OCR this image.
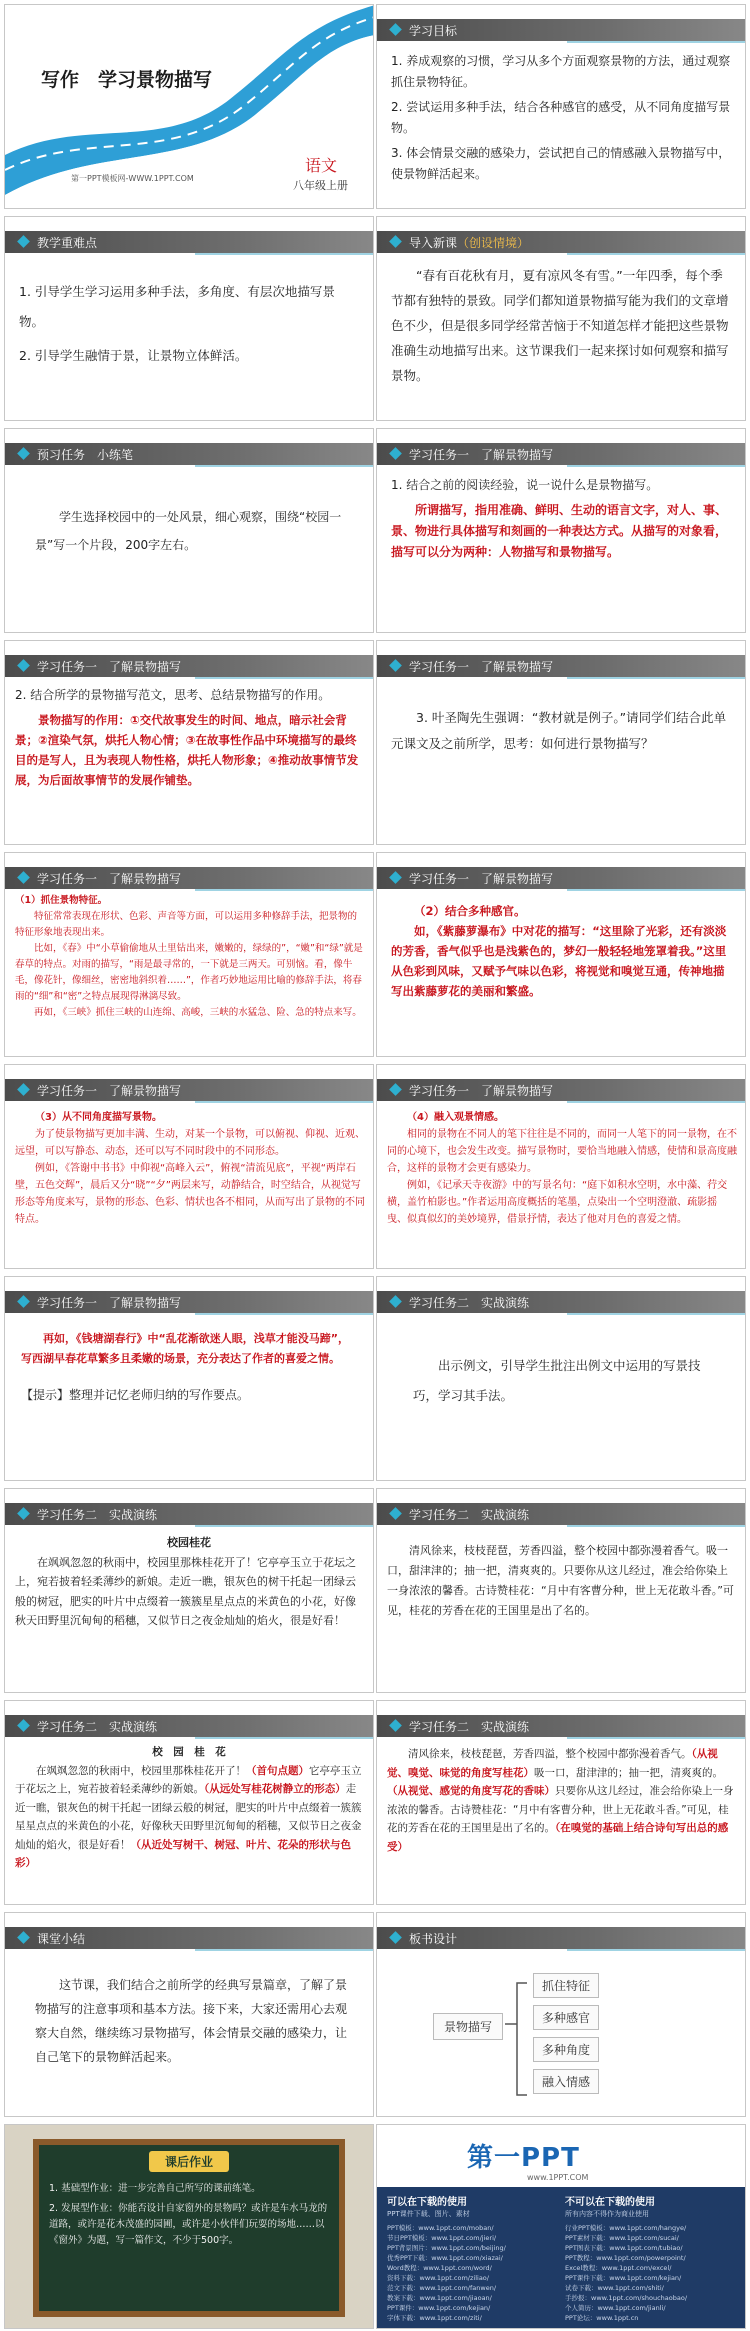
写作　学习景物描写
第一PPT模板网-WWW.1PPT.COM
语文
八年级上册
学习目标

1. 养成观察的习惯，学习从多个方面观察景物的方法，通过观察抓住景物特征。

2. 尝试运用多种手法，结合各种感官的感受，从不同角度描写景物。

3. 体会情景交融的感染力，尝试把自己的情感融入景物描写中，使景物鲜活起来。

教学重难点

1. 引导学生学习运用多种手法，多角度、有层次地描写景物。

2. 引导学生融情于景，让景物立体鲜活。

导入新课（创设情境）
“春有百花秋有月，夏有凉风冬有雪。”一年四季，每个季节都有独特的景致。同学们都知道景物描写能为我们的文章增色不少，但是很多同学经常苦恼于不知道怎样才能把这些景物准确生动地描写出来。这节课我们一起来探讨如何观察和描写景物。
预习任务　小练笔
学生选择校园中的一处风景，细心观察，围绕“校园一景”写一个片段，200字左右。
学习任务一　了解景物描写

1. 结合之前的阅读经验，说一说什么是景物描写。

所谓描写，指用准确、鲜明、生动的语言文字，对人、事、景、物进行具体描写和刻画的一种表达方式。从描写的对象看，描写可以分为两种：人物描写和景物描写。

学习任务一　了解景物描写

2. 结合所学的景物描写范文，思考、总结景物描写的作用。

景物描写的作用：①交代故事发生的时间、地点，暗示社会背景；②渲染气氛，烘托人物心情；③在故事性作品中环境描写的最终目的是写人，且为表现人物性格，烘托人物形象；④推动故事情节发展，为后面故事情节的发展作铺垫。

学习任务一　了解景物描写
3. 叶圣陶先生强调：“教材就是例子。”请同学们结合此单元课文及之前所学，思考：如何进行景物描写？
学习任务一　了解景物描写
（1）抓住景物特征。
特征常常表现在形状、色彩、声音等方面，可以运用多种修辞手法，把景物的特征形象地表现出来。
比如，《春》中“小草偷偷地从土里钻出来，嫩嫩的，绿绿的”，“嫩”和“绿”就是春草的特点。对雨的描写，“雨是最寻常的，一下就是三两天。可别恼。看，像牛毛，像花针，像细丝，密密地斜织着……”，作者巧妙地运用比喻的修辞手法，将春雨的“细”和“密”之特点展现得淋漓尽致。
再如，《三峡》抓住三峡的山连绵、高峻，三峡的水猛急、险、急的特点来写。
学习任务一　了解景物描写
（2）结合多种感官。
如，《紫藤萝瀑布》中对花的描写：“这里除了光彩，还有淡淡的芳香，香气似乎也是浅紫色的，梦幻一般轻轻地笼罩着我。”这里从色彩到风味，又赋予气味以色彩，将视觉和嗅觉互通，传神地描写出紫藤萝花的美丽和繁盛。
学习任务一　了解景物描写
（3）从不同角度描写景物。
为了使景物描写更加丰满、生动，对某一个景物，可以俯视、仰视、近观、远望，可以写静态、动态，还可以写不同时段中的不同形态。
例如，《答谢中书书》中仰视“高峰入云”，俯视“清流见底”，平视“两岸石壁，五色交辉”，晨后又分“晓”“夕”两层来写，动静结合，时空结合，从视觉写形态等角度来写，景物的形态、色彩、情状也各不相同，从而写出了景物的不同特点。
学习任务一　了解景物描写
（4）融入观景情感。
相同的景物在不同人的笔下往往是不同的，而同一人笔下的同一景物，在不同的心境下，也会发生改变。描写景物时，要恰当地融入情感，使情和景高度融合，这样的景物才会更有感染力。
例如，《记承天寺夜游》中的写景名句：“庭下如积水空明，水中藻、荇交横，盖竹柏影也。”作者运用高度概括的笔墨，点染出一个空明澄澈、疏影摇曳、似真似幻的美妙境界，借景抒情，表达了他对月色的喜爱之情。
学习任务一　了解景物描写
再如，《钱塘湖春行》中“乱花渐欲迷人眼，浅草才能没马蹄”，写西湖早春花草繁多且柔嫩的场景，充分表达了作者的喜爱之情。
【提示】整理并记忆老师归纳的写作要点。
学习任务二　实战演练
出示例文，引导学生批注出例文中运用的写景技巧，学习其手法。
学习任务二　实战演练
校园桂花
在飒飒忽忽的秋雨中，校园里那株桂花开了！它亭亭玉立于花坛之上，宛若披着轻柔薄纱的新娘。走近一瞧，银灰色的树干托起一团绿云般的树冠，肥实的叶片中点缀着一簇簇星星点点的米黄色的小花，好像秋天田野里沉甸甸的稻穗，又似节日之夜金灿灿的焰火，很是好看！
学习任务二　实战演练
清风徐来，枝枝琵琶，芳香四溢，整个校园中都弥漫着香气。吸一口，甜津津的；抽一把，清爽爽的。只要你从这儿经过，准会给你染上一身浓浓的馨香。古诗赞桂花：“月中有客曹分种，世上无花敢斗香。”可见，桂花的芳香在花的王国里是出了名的。
学习任务二　实战演练
校　园　桂　花
在飒飒忽忽的秋雨中，校园里那株桂花开了！（首句点题）它亭亭玉立于花坛之上，宛若披着轻柔薄纱的新娘。（从远处写桂花树静立的形态）走近一瞧，银灰色的树干托起一团绿云般的树冠，肥实的叶片中点缀着一簇簇星星点点的米黄色的小花，好像秋天田野里沉甸甸的稻穗，又似节日之夜金灿灿的焰火，很是好看！（从近处写树干、树冠、叶片、花朵的形状与色彩）
学习任务二　实战演练
清风徐来，枝枝琵琶，芳香四溢，整个校园中都弥漫着香气。（从视觉、嗅觉、味觉的角度写桂花）吸一口，甜津津的；抽一把，清爽爽的。（从视觉、感觉的角度写花的香味）只要你从这儿经过，准会给你染上一身浓浓的馨香。古诗赞桂花：“月中有客曹分种，世上无花敢斗香。”可见，桂花的芳香在花的王国里是出了名的。（在嗅觉的基础上结合诗句写出总的感受）
课堂小结
这节课，我们结合之前所学的经典写景篇章，了解了景物描写的注意事项和基本方法。接下来，大家还需用心去观察大自然，继续练习景物描写，体会情景交融的感染力，让自己笔下的景物鲜活起来。
板书设计
景物描写
抓住特征
多种感官
多种角度
融入情感
课后作业
1. 基础型作业：进一步完善自己所写的课前练笔。
2. 发展型作业：你能否设计自家窗外的景物吗？或许是车水马龙的道路，或许是花木茂盛的园圃，或许是小伙伴们玩耍的场地……以《窗外》为题，写一篇作文，不少于500字。
第一PPT
www.1PPT.COM
可以在下载的使用
PPT课件下载、图片、素材
不可以在下载的使用
所有内容不得作为商业使用
PPT模板：www.1ppt.com/moban/
节日PPT模板：www.1ppt.com/jieri/
PPT背景图片：www.1ppt.com/beijing/
优秀PPT下载：www.1ppt.com/xiazai/
Word教程：www.1ppt.com/word/
资料下载：www.1ppt.com/ziliao/
范文下载：www.1ppt.com/fanwen/
教案下载：www.1ppt.com/jiaoan/
PPT课件：www.1ppt.com/kejian/
字体下载：www.1ppt.com/ziti/
行业PPT模板：www.1ppt.com/hangye/
PPT素材下载：www.1ppt.com/sucai/
PPT图表下载：www.1ppt.com/tubiao/
PPT教程：www.1ppt.com/powerpoint/
Excel教程：www.1ppt.com/excel/
PPT课件下载：www.1ppt.com/kejian/
试卷下载：www.1ppt.com/shiti/
手抄报：www.1ppt.com/shouchaobao/
个人简历：www.1ppt.com/jianli/
PPT论坛：www.1ppt.cn
